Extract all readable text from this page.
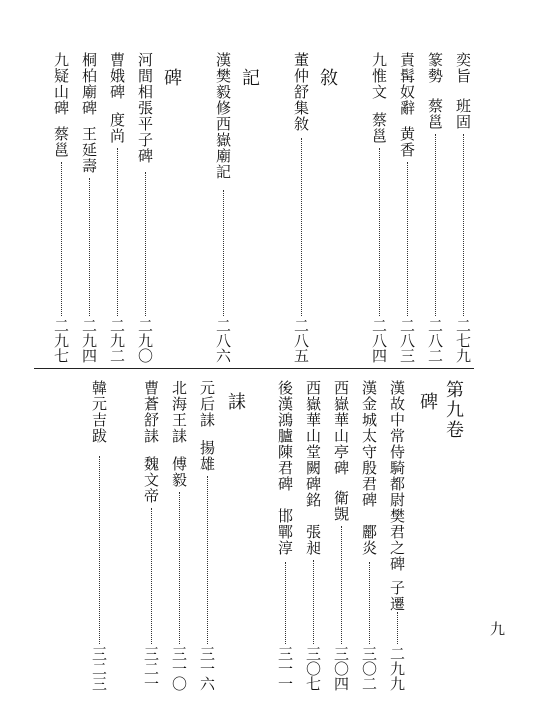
奕旨
班固
二七九
篆勢
蔡邕
二八二
責髯奴辭
黄香
二八三
九惟文
蔡邕
二八四
敘
董仲舒集敘
二八五
記
漢樊毅修西嶽廟記
二八六
碑
河間相張平子碑
二九〇
曹娥碑
度尚
二九二
桐柏廟碑
王延壽
二九四
九疑山碑
蔡邕
二九七
第九卷
碑
漢故中常侍騎都尉樊君之碑
子遷
二九九
漢金城太守殷君碑
酈炎
三〇二
西嶽華山亭碑
衛覬
三〇四
西嶽華山堂闕碑銘
張昶
三〇七
後漢鴻臚陳君碑
邯鄲淳
三一一
誄
元后誄
揚雄
三一六
北海王誄
傅毅
三一〇
曹蒼舒誄
魏文帝
三二一
韓元吉跋
三二三
九
